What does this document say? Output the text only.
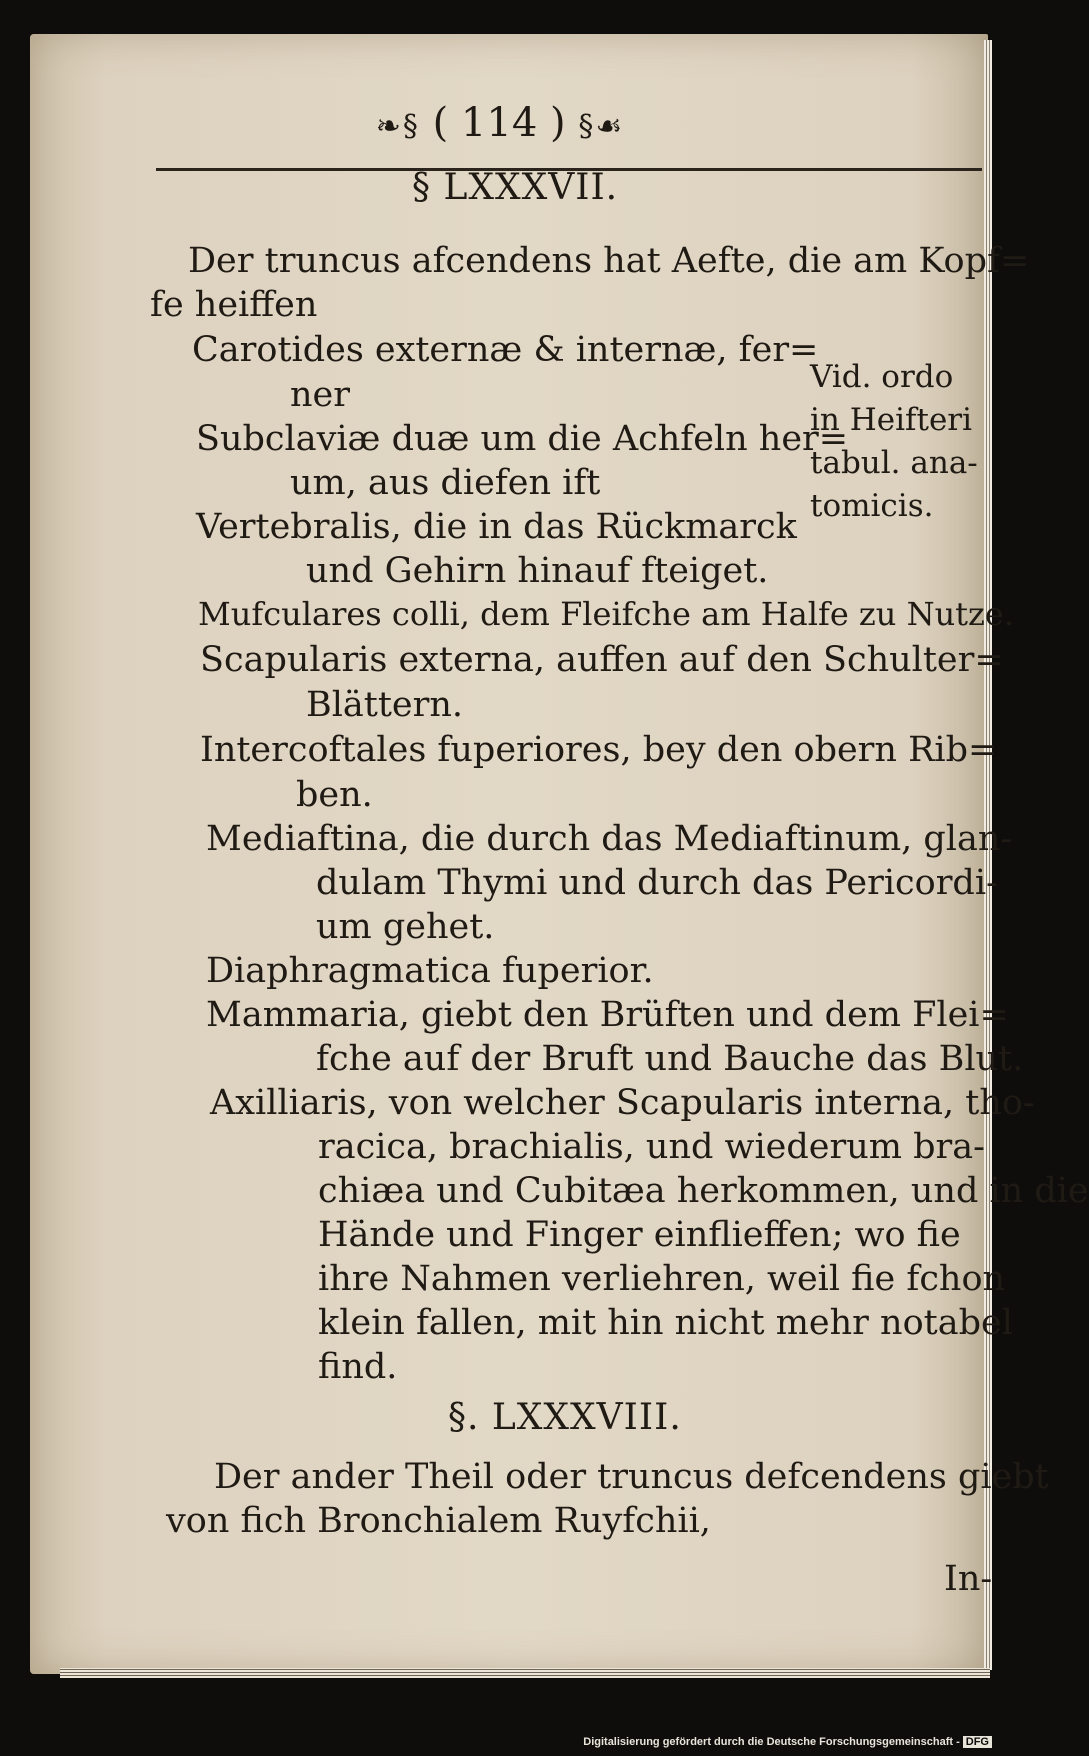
❧§ ( 114 ) §☙
§ LXXXVII.
Der truncus afcendens hat Aefte, die am Kopf=
fe heiffen
Carotides externæ & internæ, fer=
ner
Subclaviæ duæ um die Achfeln her=
um, aus diefen ift
Vertebralis, die in das Rückmarck
und Gehirn hinauf fteiget.
Mufculares colli, dem Fleifche am Halfe zu Nutze.
Scapularis externa, auffen auf den Schulter=
Blättern.
Intercoftales fuperiores, bey den obern Rib=
ben.
Mediaftina, die durch das Mediaftinum, glan-
dulam Thymi und durch das Pericordi-
um gehet.
Diaphragmatica fuperior.
Mammaria, giebt den Brüften und dem Flei=
fche auf der Bruft und Bauche das Blut.
Axilliaris, von welcher Scapularis interna, tho-
racica, brachialis, und wiederum bra-
chiæa und Cubitæa herkommen, und in die
Hände und Finger einflieffen; wo fie
ihre Nahmen verliehren, weil fie fchon
klein fallen, mit hin nicht mehr notabel
find.
§. LXXXVIII.
Der ander Theil oder truncus defcendens giebt
von fich Bronchialem Ruyfchii,
In-
Vid. ordo
in Heifteri
tabul. ana-
tomicis.
Digitalisierung gefördert durch die Deutsche Forschungsgemeinschaft - DFG
